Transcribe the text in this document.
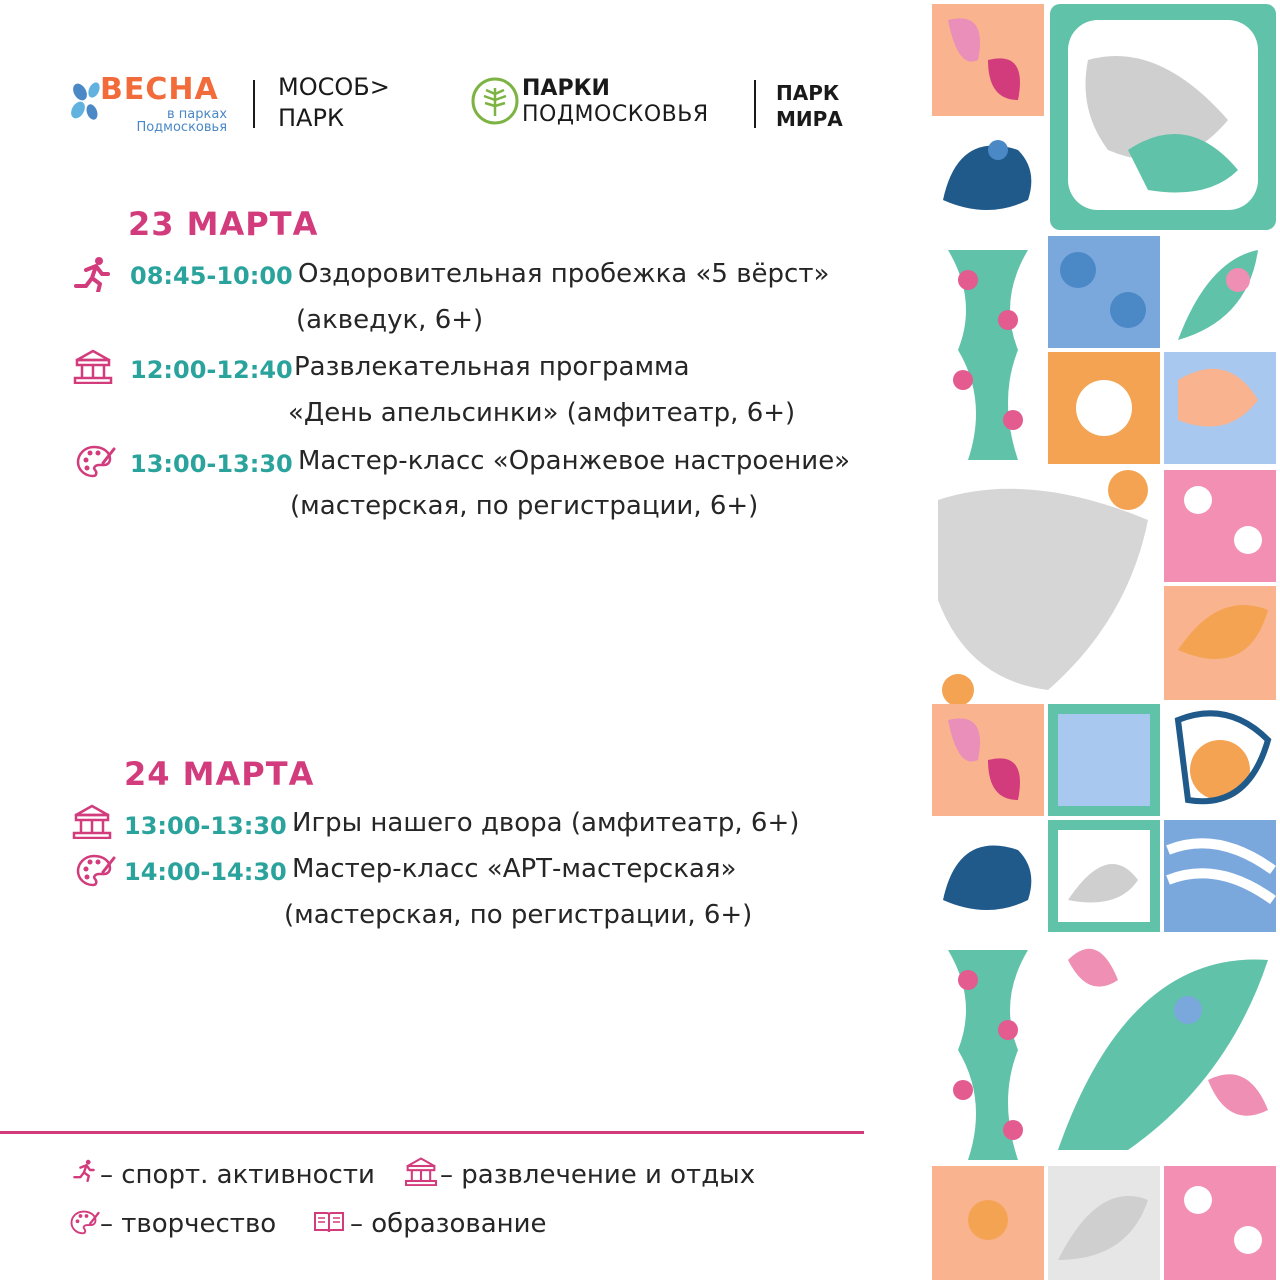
ВЕСНА
в парках
Подмосковья
МОСОБ>
ПАРК
ПАРКИ
ПОДМОСКОВЬЯ
ПАРК
МИРА
23 МАРТА
08:45-10:00 Оздоровительная пробежка «5 вёрст»
(акведук, 6+)
12:00-12:40 Развлекательная программа
«День апельсинки» (амфитеатр, 6+)
13:00-13:30 Мастер-класс «Оранжевое настроение»
(мастерская, по регистрации, 6+)
24 МАРТА
13:00-13:30 Игры нашего двора (амфитеатр, 6+)
14:00-14:30 Мастер-класс «АРТ-мастерская»
(мастерская, по регистрации, 6+)
– спорт. активности	– развлечение и отдых
– творчество	– образование
